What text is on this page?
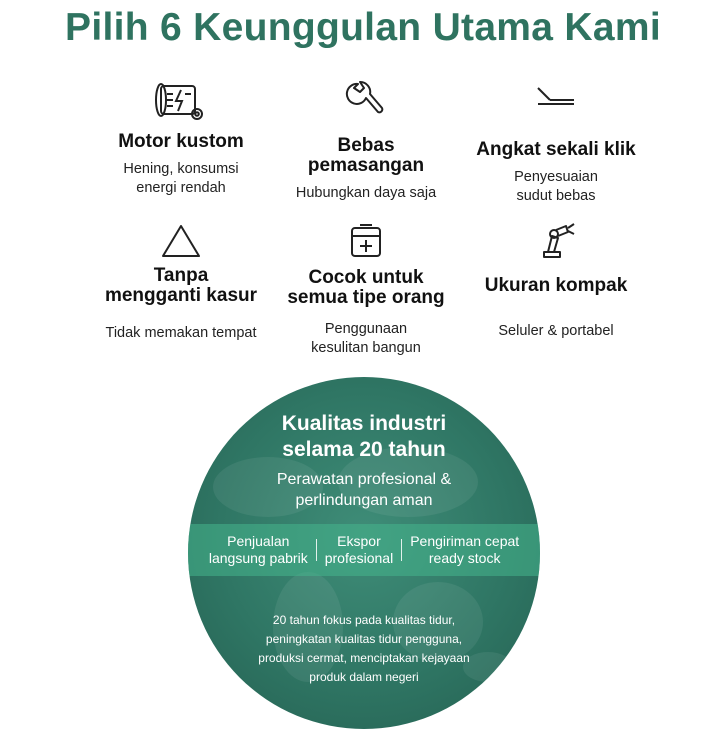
Pilih 6 Keunggulan Utama Kami
Motor kustom
Hening, konsumsi
energi rendah
Bebas
pemasangan
Hubungkan daya saja
Angkat sekali klik
Penyesuaian
sudut bebas
Tanpa
mengganti kasur
Tidak memakan tempat
Cocok untuk
semua tipe orang
Penggunaan
kesulitan bangun
Ukuran kompak
Seluler & portabel
Kualitas industri
selama 20 tahun
Perawatan profesional &
perlindungan aman
Penjualan
langsung pabrik
Ekspor
profesional
Pengiriman cepat
ready stock
20 tahun fokus pada kualitas tidur,
peningkatan kualitas tidur pengguna,
produksi cermat, menciptakan kejayaan
produk dalam negeri
